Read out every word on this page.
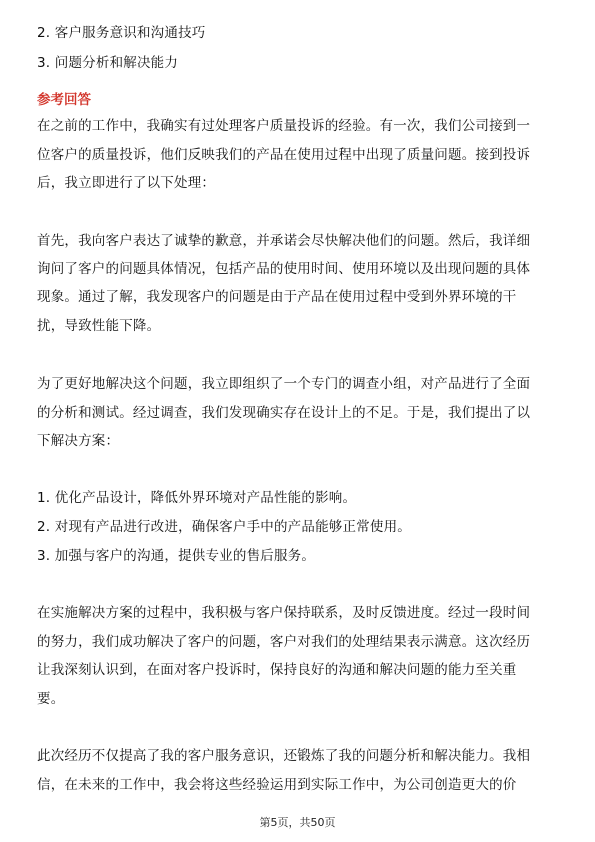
2. 客户服务意识和沟通技巧
3. 问题分析和解决能力
参考回答
在之前的工作中，我确实有过处理客户质量投诉的经验。有一次，我们公司接到一
位客户的质量投诉，他们反映我们的产品在使用过程中出现了质量问题。接到投诉
后，我立即进行了以下处理：
首先，我向客户表达了诚挚的歉意，并承诺会尽快解决他们的问题。然后，我详细
询问了客户的问题具体情况，包括产品的使用时间、使用环境以及出现问题的具体
现象。通过了解，我发现客户的问题是由于产品在使用过程中受到外界环境的干
扰，导致性能下降。
为了更好地解决这个问题，我立即组织了一个专门的调查小组，对产品进行了全面
的分析和测试。经过调查，我们发现确实存在设计上的不足。于是，我们提出了以
下解决方案：
1. 优化产品设计，降低外界环境对产品性能的影响。
2. 对现有产品进行改进，确保客户手中的产品能够正常使用。
3. 加强与客户的沟通，提供专业的售后服务。
在实施解决方案的过程中，我积极与客户保持联系，及时反馈进度。经过一段时间
的努力，我们成功解决了客户的问题，客户对我们的处理结果表示满意。这次经历
让我深刻认识到，在面对客户投诉时，保持良好的沟通和解决问题的能力至关重
要。
此次经历不仅提高了我的客户服务意识，还锻炼了我的问题分析和解决能力。我相
信，在未来的工作中，我会将这些经验运用到实际工作中，为公司创造更大的价
第5页，共50页
